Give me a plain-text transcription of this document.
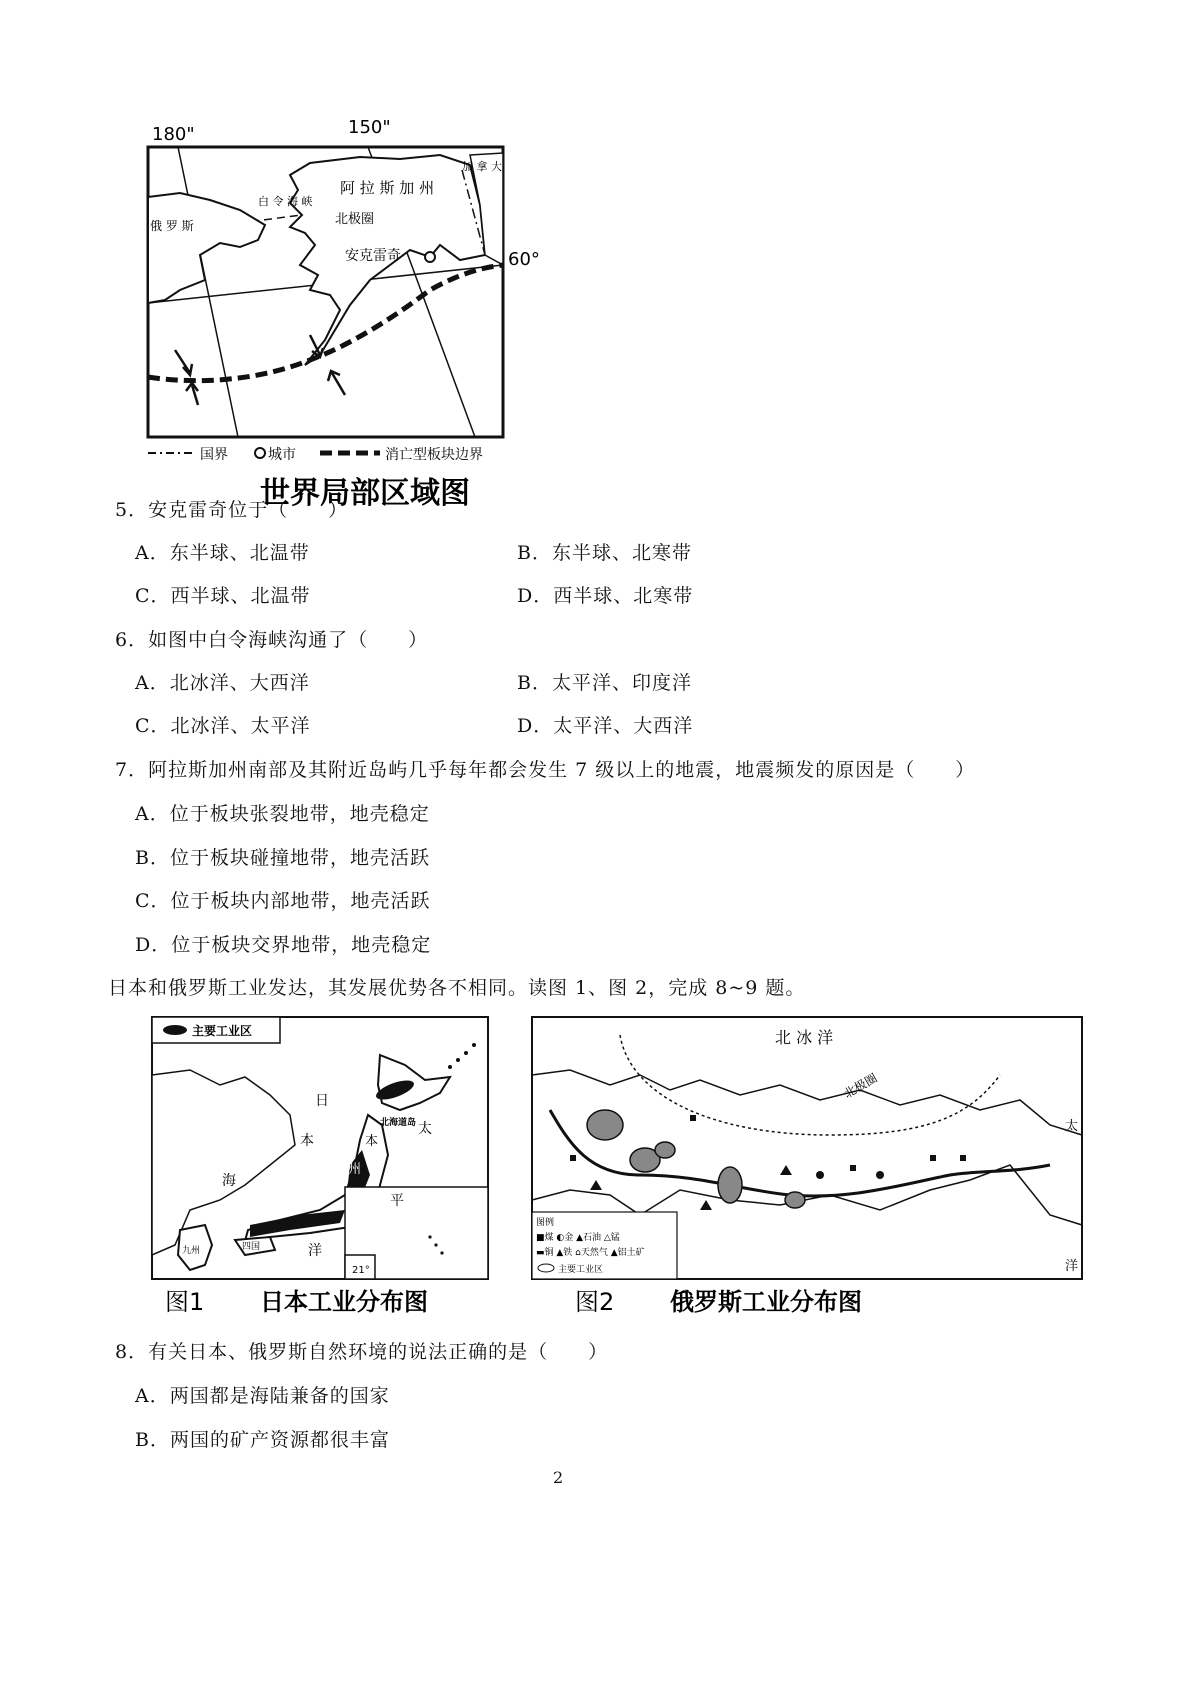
180"	150"
60°
阿 拉 斯 加 州
加 拿 大
白 令 海 峡
北极圈
俄 罗 斯
安克雷奇
国界	城市	消亡型板块边界
世界局部区域图
5．安克雷奇位于（　　）
A．东半球、北温带	B．东半球、北寒带
C．西半球、北温带	D．西半球、北寒带
6．如图中白令海峡沟通了（　　）
A．北冰洋、大西洋	B．太平洋、印度洋
C．北冰洋、太平洋	D．太平洋、大西洋
7．阿拉斯加州南部及其附近岛屿几乎每年都会发生 7 级以上的地震，地震频发的原因是（　　）
A．位于板块张裂地带，地壳稳定
B．位于板块碰撞地带，地壳活跃
C．位于板块内部地带，地壳活跃
D．位于板块交界地带，地壳稳定
日本和俄罗斯工业发达，其发展优势各不相同。读图 1、图 2，完成 8~9 题。
主要工业区
北海道岛
日
本
海
本
州
太
平
洋
九州	四国
21°
图1 日本工业分布图
图例
■煤 ◐金 ▲石油 △锰
▬铜 ▲铁 ⌂天然气 ▲铝土矿
主要工业区
北 冰 洋
北极圈
太
洋
图2 俄罗斯工业分布图
8．有关日本、俄罗斯自然环境的说法正确的是（　　）
A．两国都是海陆兼备的国家
B．两国的矿产资源都很丰富
2
